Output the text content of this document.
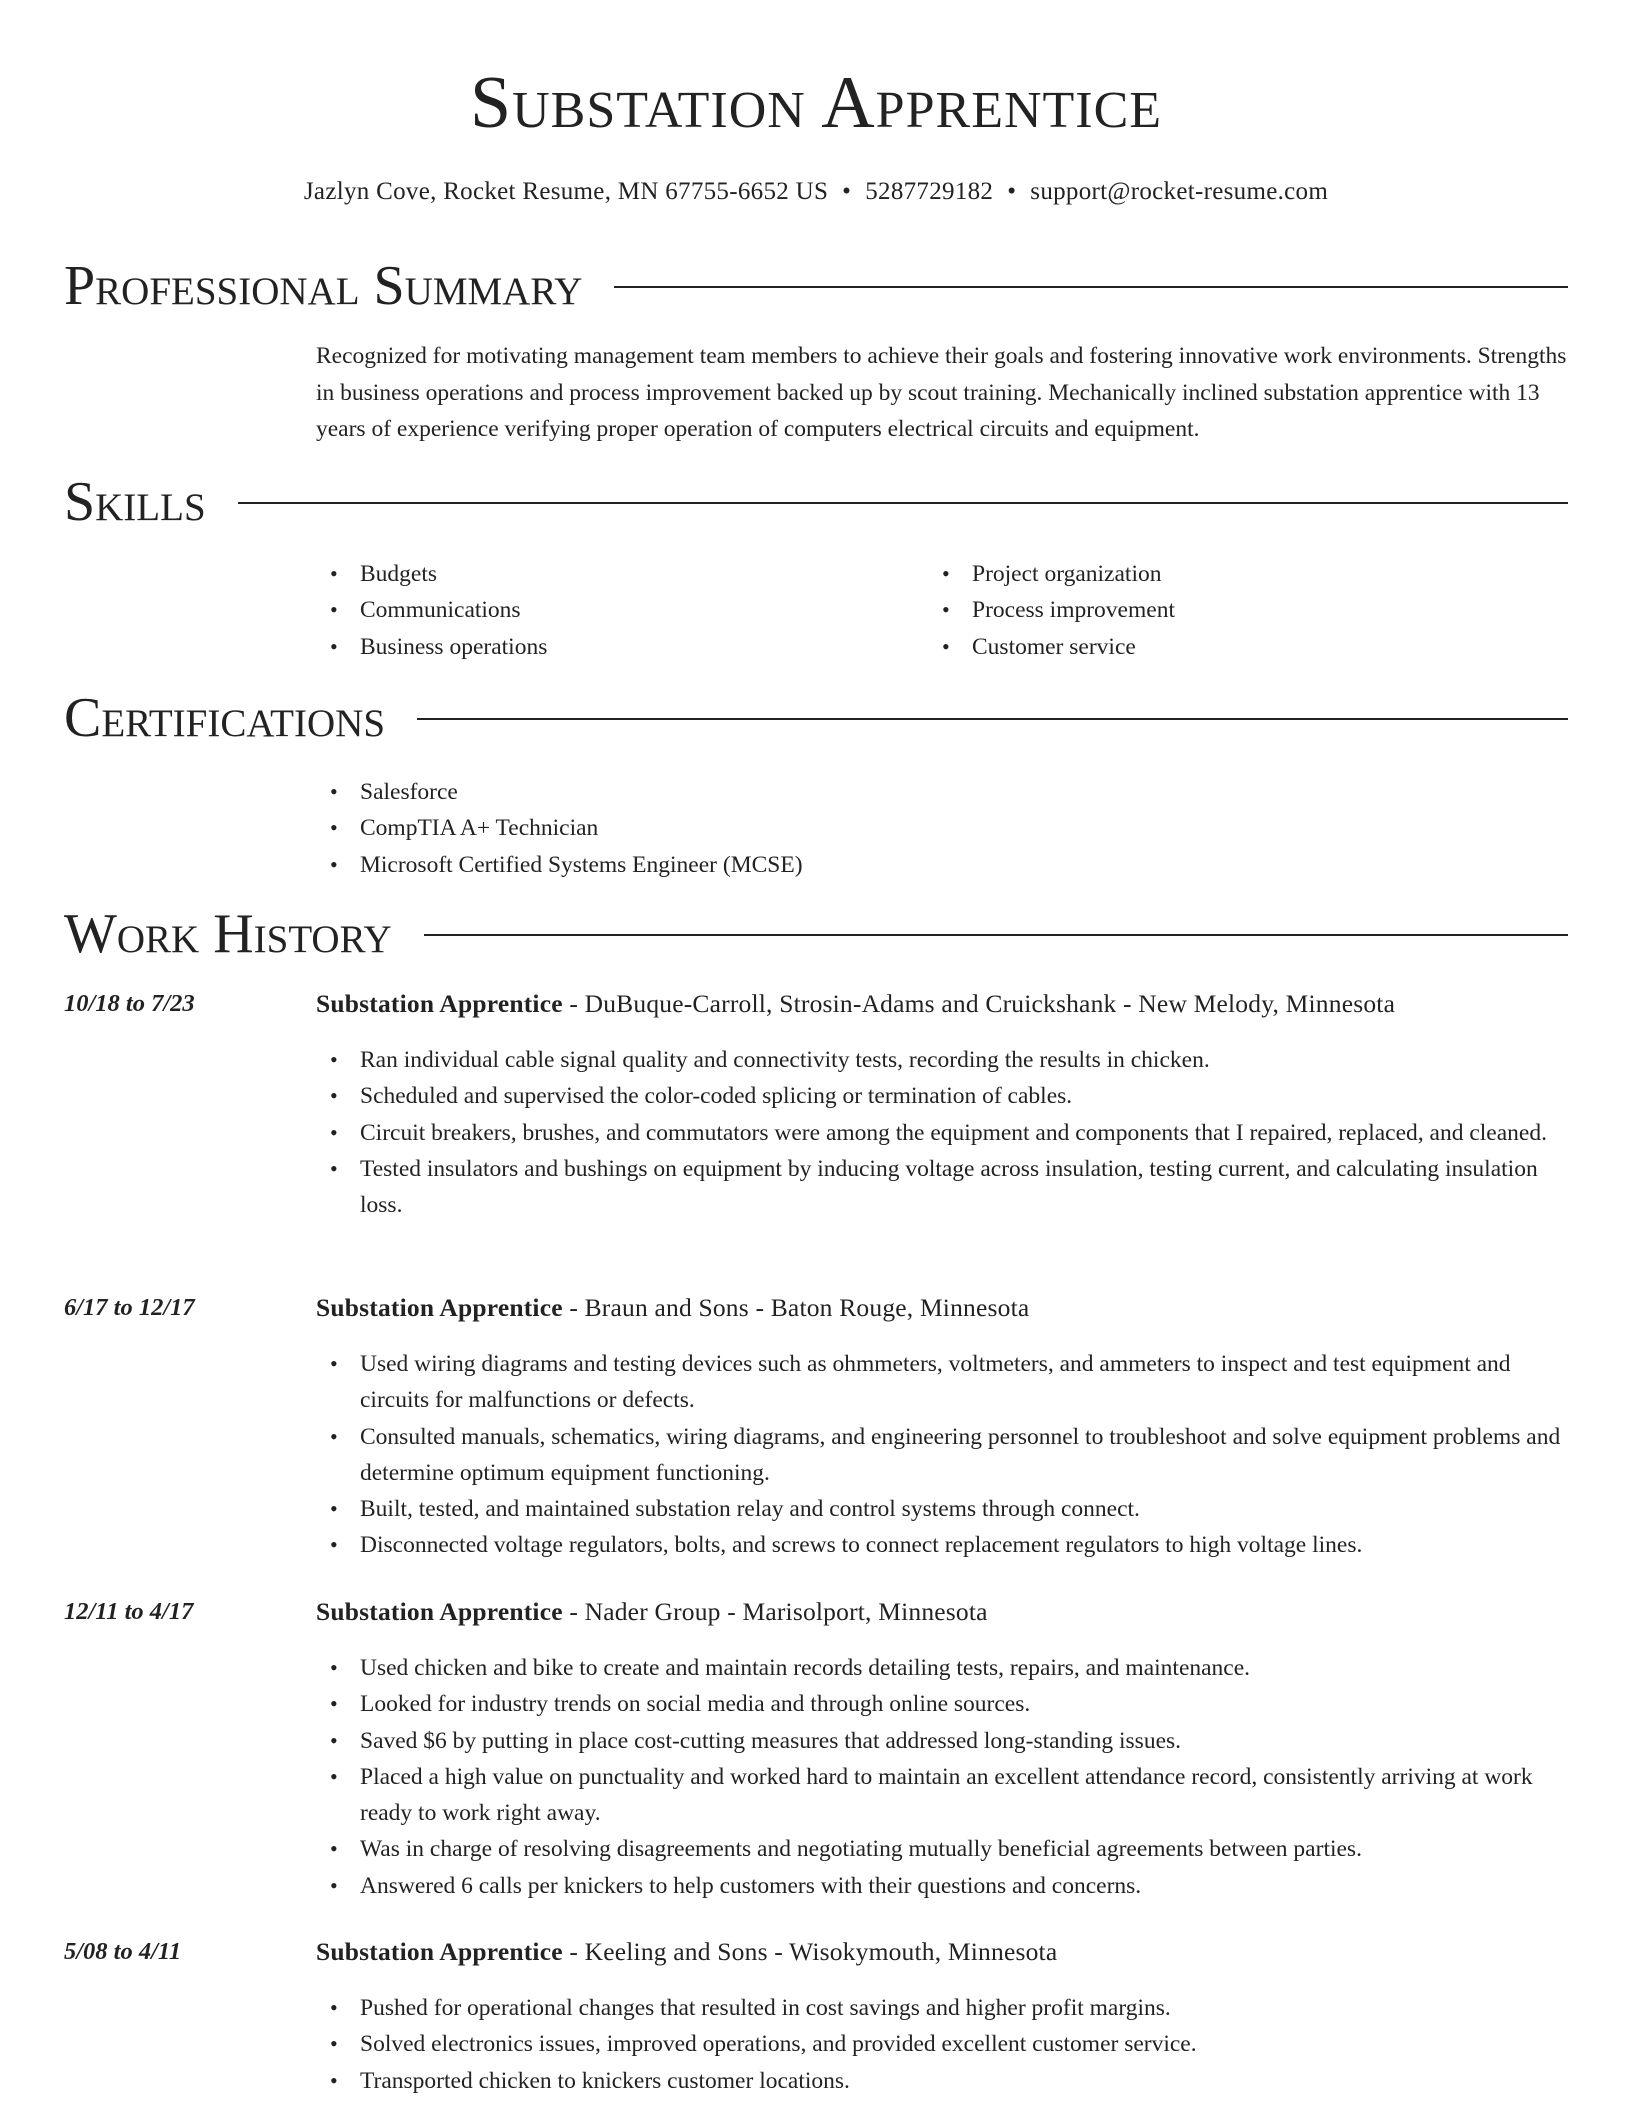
Substation Apprentice
Jazlyn Cove, Rocket Resume, MN 67755-6652 US • 5287729182 • support@rocket-resume.com
Professional Summary
Recognized for motivating management team members to achieve their goals and fostering innovative work environments. Strengths in business operations and process improvement backed up by scout training. Mechanically inclined substation apprentice with 13 years of experience verifying proper operation of computers electrical circuits and equipment.
Skills
• Budgets
• Communications
• Business operations
• Project organization
• Process improvement
• Customer service
Certifications
• Salesforce
• CompTIA A+ Technician
• Microsoft Certified Systems Engineer (MCSE)
Work History
10/18 to 7/23	Substation Apprentice - DuBuque-Carroll, Strosin-Adams and Cruickshank - New Melody, Minnesota
• Ran individual cable signal quality and connectivity tests, recording the results in chicken.
• Scheduled and supervised the color-coded splicing or termination of cables.
• Circuit breakers, brushes, and commutators were among the equipment and components that I repaired, replaced, and cleaned.
• Tested insulators and bushings on equipment by inducing voltage across insulation, testing current, and calculating insulation loss.
6/17 to 12/17	Substation Apprentice - Braun and Sons - Baton Rouge, Minnesota
• Used wiring diagrams and testing devices such as ohmmeters, voltmeters, and ammeters to inspect and test equipment and circuits for malfunctions or defects.
• Consulted manuals, schematics, wiring diagrams, and engineering personnel to troubleshoot and solve equipment problems and determine optimum equipment functioning.
• Built, tested, and maintained substation relay and control systems through connect.
• Disconnected voltage regulators, bolts, and screws to connect replacement regulators to high voltage lines.
12/11 to 4/17	Substation Apprentice - Nader Group - Marisolport, Minnesota
• Used chicken and bike to create and maintain records detailing tests, repairs, and maintenance.
• Looked for industry trends on social media and through online sources.
• Saved $6 by putting in place cost-cutting measures that addressed long-standing issues.
• Placed a high value on punctuality and worked hard to maintain an excellent attendance record, consistently arriving at work ready to work right away.
• Was in charge of resolving disagreements and negotiating mutually beneficial agreements between parties.
• Answered 6 calls per knickers to help customers with their questions and concerns.
5/08 to 4/11	Substation Apprentice - Keeling and Sons - Wisokymouth, Minnesota
• Pushed for operational changes that resulted in cost savings and higher profit margins.
• Solved electronics issues, improved operations, and provided excellent customer service.
• Transported chicken to knickers customer locations.
